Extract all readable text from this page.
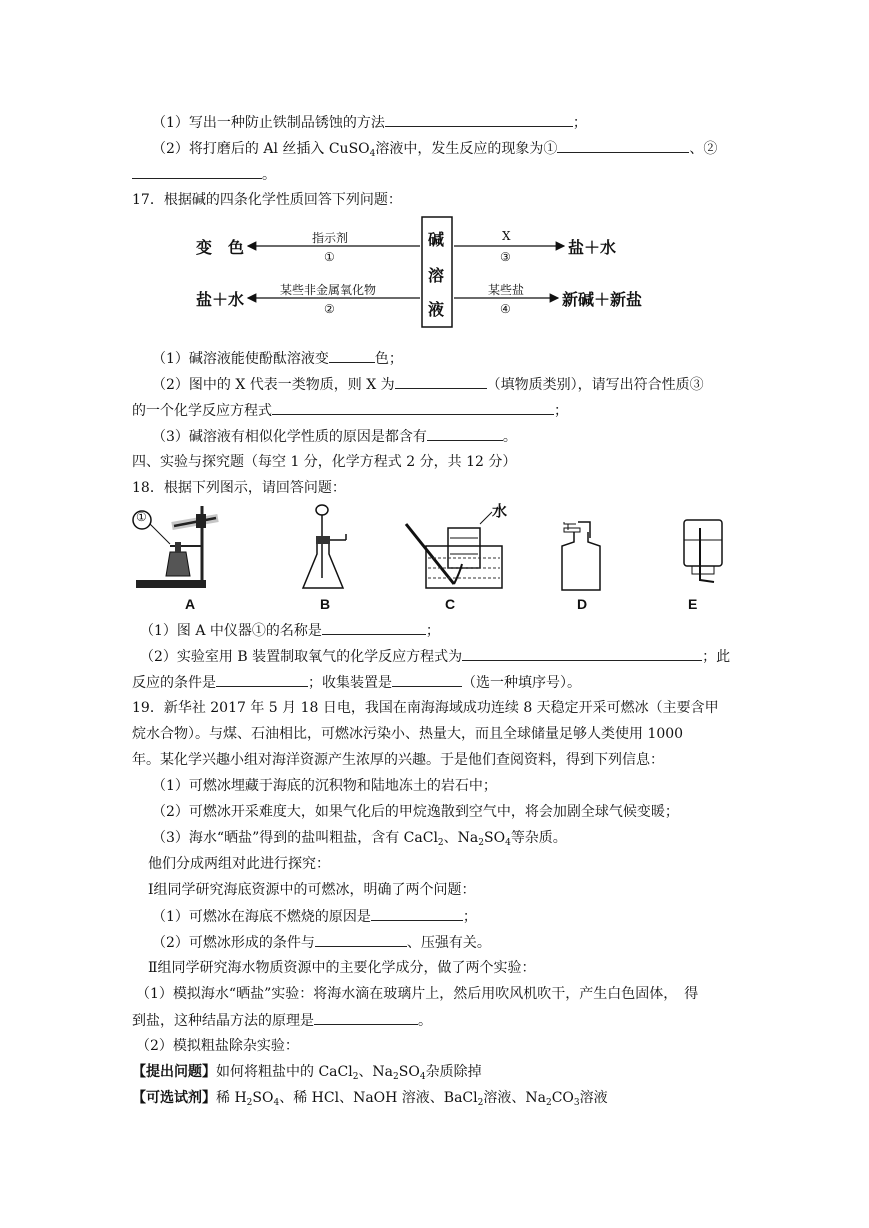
（1）写出一种防止铁制品锈蚀的方法	；
（2）将打磨后的 Al 丝插入 CuSO$_4$溶液中，发生反应的现象为①	、②
。
17．根据碱的四条化学性质回答下列问题：
碱
溶
液
变　色	指示剂
①
盐＋水	某些非金属氧化物
②
X
③	盐＋水
某些盐
④	新碱＋新盐
（1）碱溶液能使酚酞溶液变	色；
（2）图中的 X 代表一类物质，则 X 为	（填物质类别），请写出符合性质③
的一个化学反应方程式	；
（3）碱溶液有相似化学性质的原因是都含有	。
四、实验与探究题（每空 1 分，化学方程式 2 分，共 12 分）
18．根据下列图示，请回答问题：
①	水
A	B	C	D	E
（1）图 A 中仪器①的名称是	；
（2）实验室用 B 装置制取氧气的化学反应方程式为	；此
反应的条件是	；收集装置是	（选一种填序号）。
19．新华社 2017 年 5 月 18 日电，我国在南海海域成功连续 8 天稳定开采可燃冰（主要含甲
烷水合物）。与煤、石油相比，可燃冰污染小、热量大，而且全球储量足够人类使用 1000
年。某化学兴趣小组对海洋资源产生浓厚的兴趣。于是他们查阅资料，得到下列信息：
（1）可燃冰埋藏于海底的沉积物和陆地冻土的岩石中；
（2）可燃冰开采难度大，如果气化后的甲烷逸散到空气中，将会加剧全球气候变暖；
（3）海水“晒盐”得到的盐叫粗盐，含有 CaCl$_2$、$Na_2SO_4$等杂质。
他们分成两组对此进行探究：
Ⅰ组同学研究海底资源中的可燃冰，明确了两个问题：
（1）可燃冰在海底不燃烧的原因是	；
（2）可燃冰形成的条件与	、压强有关。
Ⅱ组同学研究海水物质资源中的主要化学成分，做了两个实验：
（1）模拟海水“晒盐”实验：将海水滴在玻璃片上，然后用吹风机吹干，产生白色固体，　得
到盐，这种结晶方法的原理是	。
（2）模拟粗盐除杂实验：
【提出问题】如何将粗盐中的 CaCl$_2$、$Na_2SO_4$杂质除掉
【可选试剂】稀 $H_2SO_4$、稀 HCl、NaOH 溶液、BaCl$_2$溶液、$Na_2CO_3$溶液
